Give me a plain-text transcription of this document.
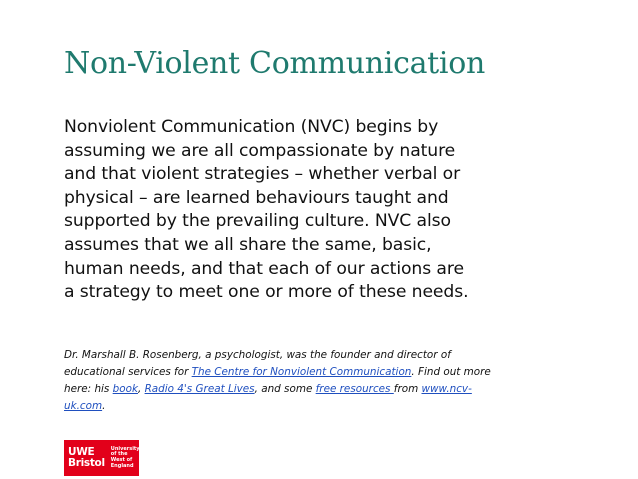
Non-Violent Communication

Nonviolent Communication (NVC) begins by
assuming we are all compassionate by nature
and that violent strategies – whether verbal or
physical – are learned behaviours taught and
supported by the prevailing culture. NVC also
assumes that we all share the same, basic,
human needs, and that each of our actions are
a strategy to meet one or more of these needs.

Dr. Marshall B. Rosenberg, a psychologist, was the founder and director of
educational services for The Centre for Nonviolent Communication. Find out more
here: his book, Radio 4's Great Lives, and some free resources from www.ncv-
uk.com.

UWE
Bristol
University
of the
West of
England
